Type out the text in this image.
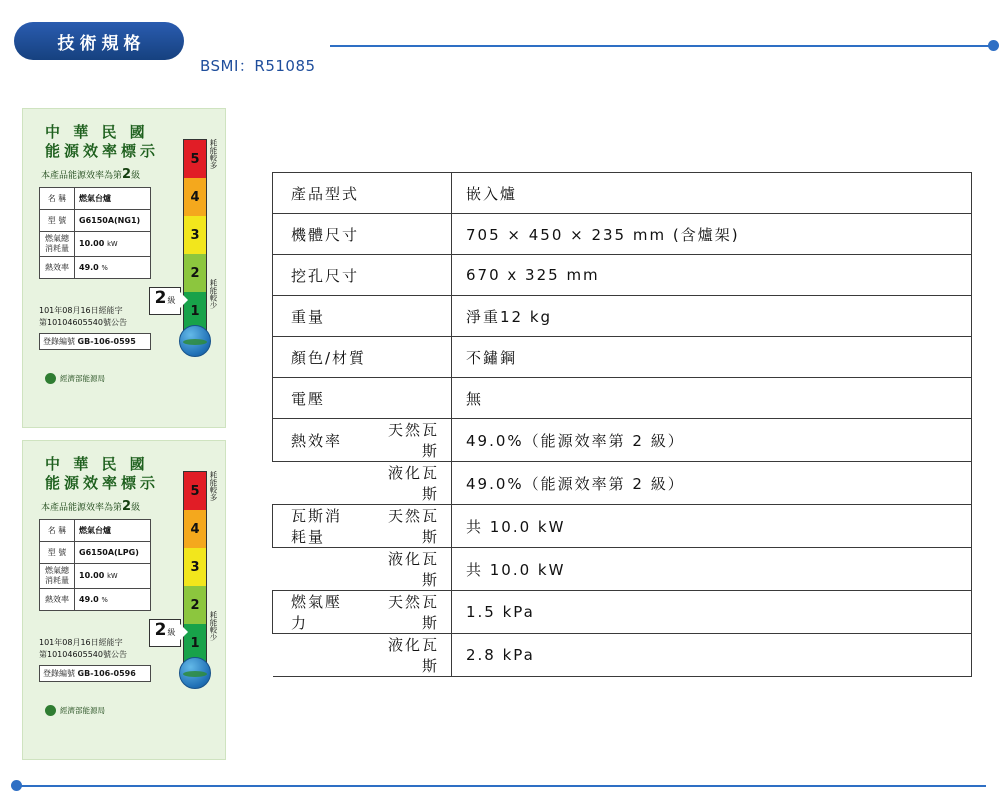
技術規格
BSMI：R51085
中 華 民 國
能源效率標示
本產品能源效率為第2級
名 稱	燃氣台爐
型 號	G6150A(NG1)
燃氣總消耗量	10.00 kW
熱效率	49.0 %
101年08月16日經能字
第10104605540號公告
登錄編號 GB-106-0595
經濟部能源局
2 級
5
4
3
2
1
耗能較多
耗能較少
中 華 民 國
能源效率標示
本產品能源效率為第2級
名 稱	燃氣台爐
型 號	G6150A(LPG)
燃氣總消耗量	10.00 kW
熱效率	49.0 %
101年08月16日經能字
第10104605540號公告
登錄編號 GB-106-0596
經濟部能源局
2 級
5
4
3
2
1
耗能較多
耗能較少
產品型式		嵌入爐
機體尺寸		705 × 450 × 235 mm (含爐架)
挖孔尺寸		670 x 325 mm
重量		淨重12 kg
顏色/材質		不鏽鋼
電壓		無
熱效率	天然瓦斯	49.0%（能源效率第 2 級）
	液化瓦斯	49.0%（能源效率第 2 級）
瓦斯消耗量	天然瓦斯	共 10.0 kW
	液化瓦斯	共 10.0 kW
燃氣壓力	天然瓦斯	1.5 kPa
	液化瓦斯	2.8 kPa
